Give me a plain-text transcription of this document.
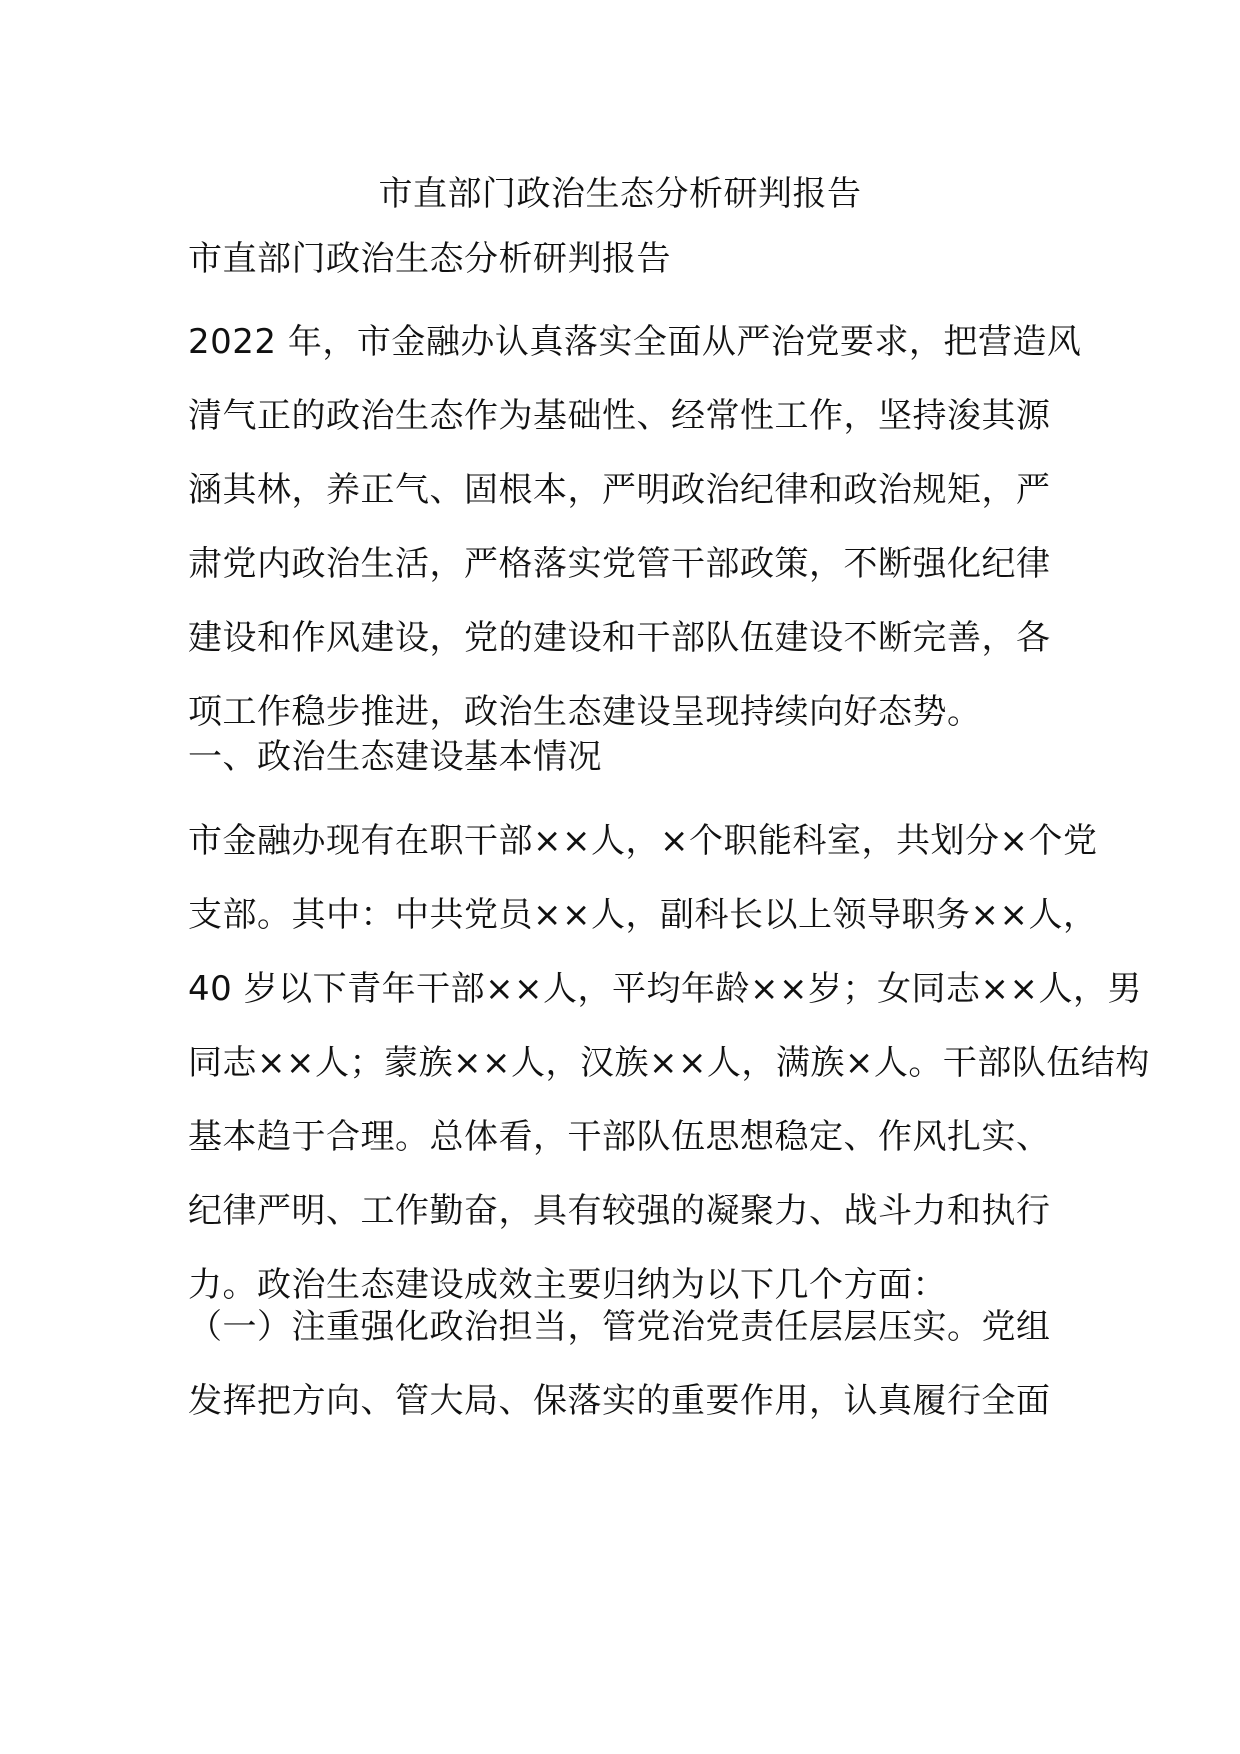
市直部门政治生态分析研判报告
市直部门政治生态分析研判报告
2022 年，市金融办认真落实全面从严治党要求，把营造风
清气正的政治生态作为基础性、经常性工作，坚持浚其源
涵其林，养正气、固根本，严明政治纪律和政治规矩，严
肃党内政治生活，严格落实党管干部政策，不断强化纪律
建设和作风建设，党的建设和干部队伍建设不断完善，各
项工作稳步推进，政治生态建设呈现持续向好态势。
一、政治生态建设基本情况
市金融办现有在职干部××人，×个职能科室，共划分×个党
支部。其中：中共党员××人，副科长以上领导职务××人，
40 岁以下青年干部××人，平均年龄××岁；女同志××人，男
同志××人；蒙族××人，汉族××人，满族×人。干部队伍结构
基本趋于合理。总体看，干部队伍思想稳定、作风扎实、
纪律严明、工作勤奋，具有较强的凝聚力、战斗力和执行
力。政治生态建设成效主要归纳为以下几个方面：
（一）注重强化政治担当，管党治党责任层层压实。党组
发挥把方向、管大局、保落实的重要作用，认真履行全面
